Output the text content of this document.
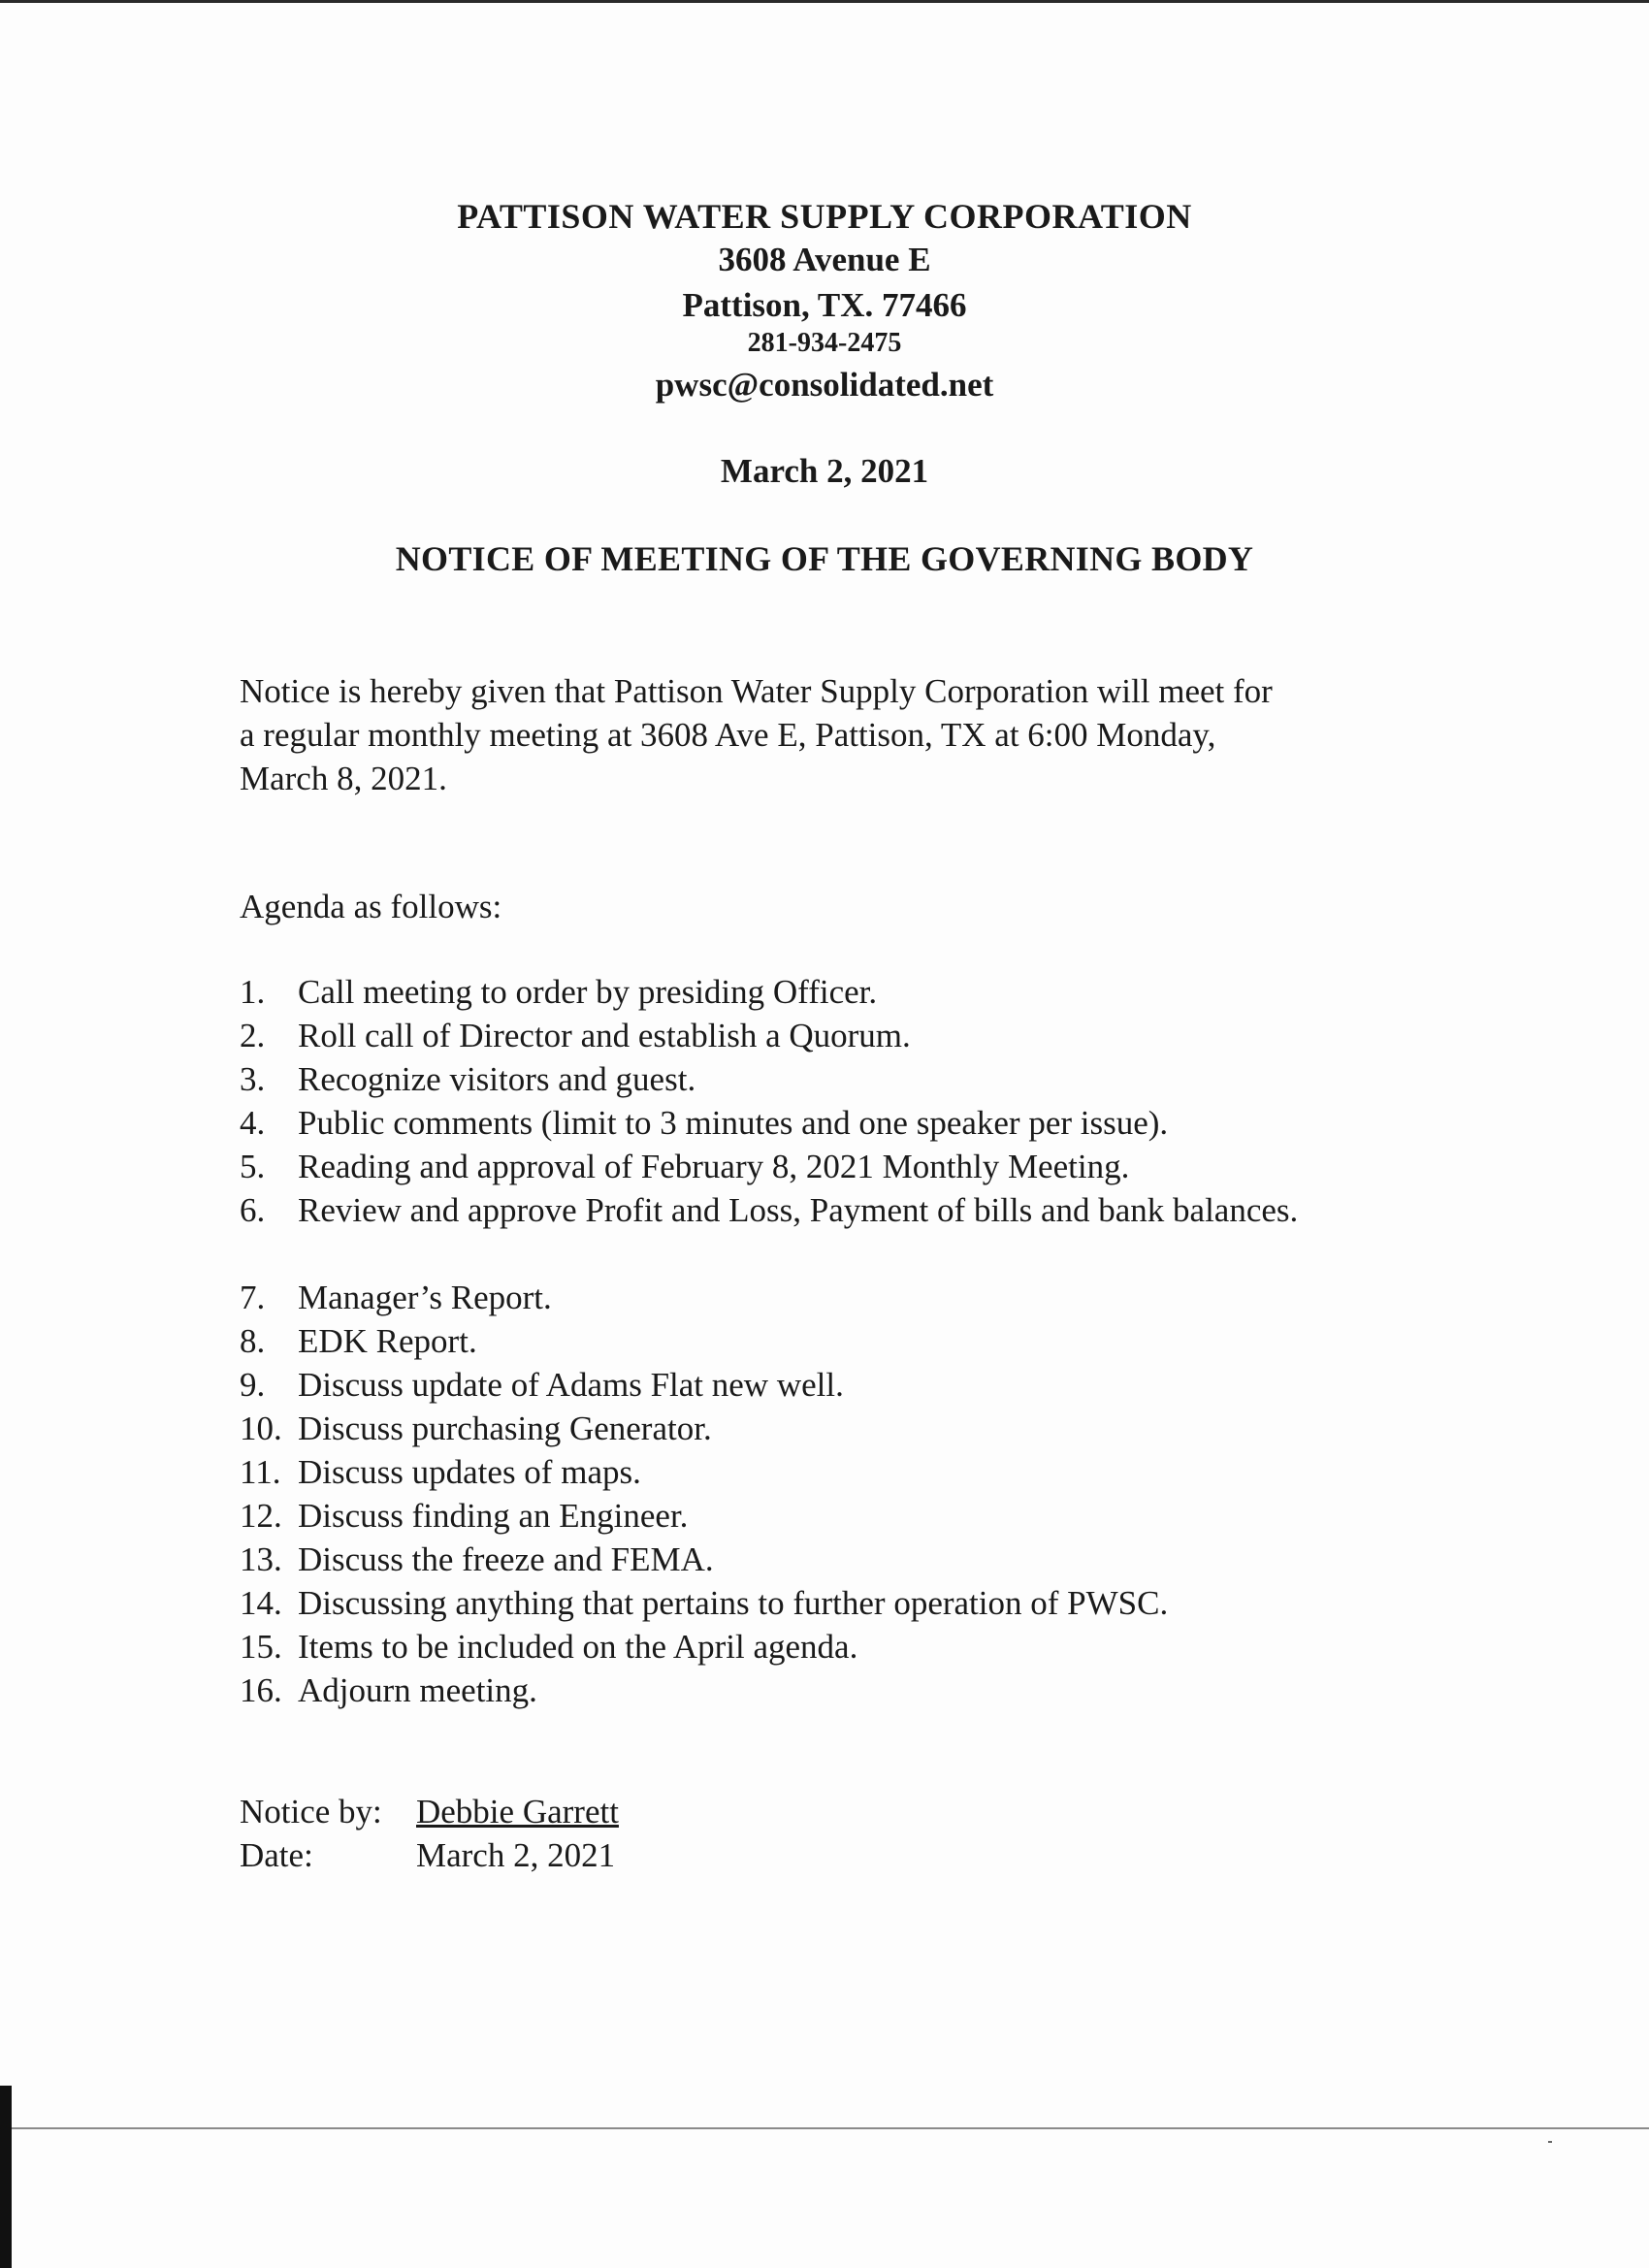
PATTISON WATER SUPPLY CORPORATION
3608 Avenue E
Pattison, TX. 77466
281-934-2475
pwsc@consolidated.net
March 2, 2021
NOTICE OF MEETING OF THE GOVERNING BODY
Notice is hereby given that Pattison Water Supply Corporation will meet for
a regular monthly meeting at 3608 Ave E, Pattison, TX at 6:00 Monday,
March 8, 2021.
Agenda as follows:
1. Call meeting to order by presiding Officer.
2. Roll call of Director and establish a Quorum.
3. Recognize visitors and guest.
4. Public comments (limit to 3 minutes and one speaker per issue).
5. Reading and approval of February 8, 2021 Monthly Meeting.
6. Review and approve Profit and Loss, Payment of bills and bank balances.
7. Manager’s Report.
8. EDK Report.
9. Discuss update of Adams Flat new well.
10. Discuss purchasing Generator.
11. Discuss updates of maps.
12. Discuss finding an Engineer.
13. Discuss the freeze and FEMA.
14. Discussing anything that pertains to further operation of PWSC.
15. Items to be included on the April agenda.
16. Adjourn meeting.
Notice by: Debbie Garrett
Date:	March 2, 2021
